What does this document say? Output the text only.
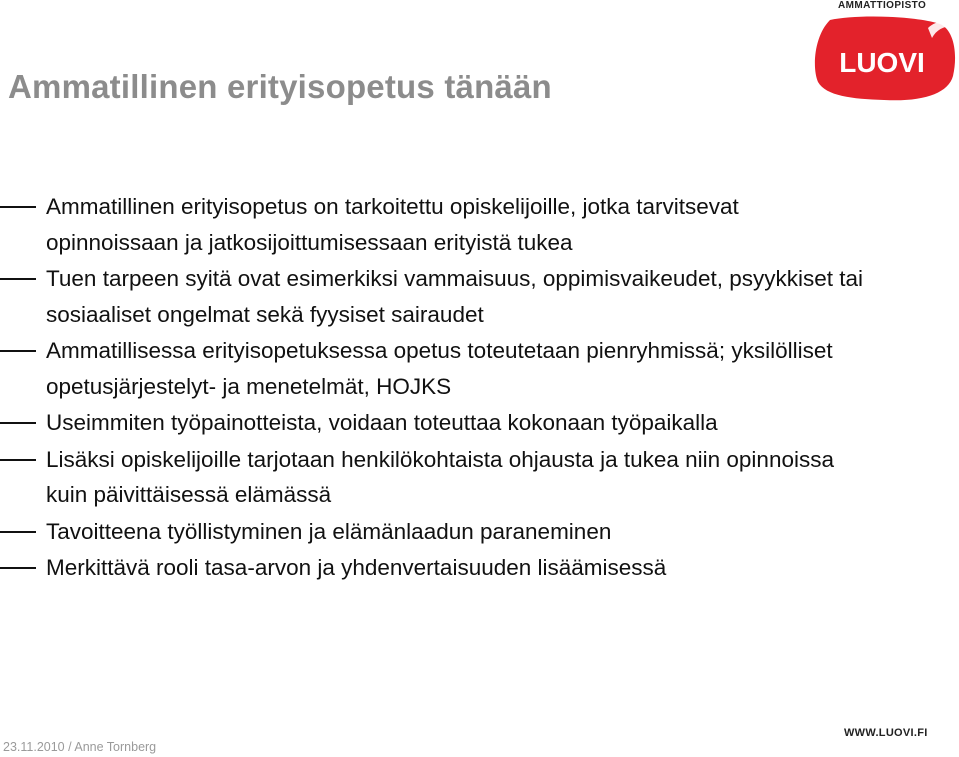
Ammatillinen erityisopetus tänään
AMMATTIOPISTO
LUOVI
Ammatillinen erityisopetus on tarkoitettu opiskelijoille, jotka tarvitsevat opinnoissaan ja jatkosijoittumisessaan erityistä tukea
Tuen tarpeen syitä ovat esimerkiksi vammaisuus, oppimisvaikeudet, psyykkiset tai sosiaaliset ongelmat sekä fyysiset sairaudet
Ammatillisessa erityisopetuksessa opetus toteutetaan pienryhmissä; yksilölliset opetusjärjestelyt- ja menetelmät, HOJKS
Useimmiten työpainotteista, voidaan toteuttaa kokonaan työpaikalla
Lisäksi opiskelijoille tarjotaan henkilökohtaista ohjausta ja tukea niin opinnoissa kuin päivittäisessä elämässä
Tavoitteena työllistyminen ja elämänlaadun paraneminen
Merkittävä rooli tasa-arvon ja yhdenvertaisuuden lisäämisessä
23.11.2010 / Anne Tornberg
WWW.LUOVI.FI
